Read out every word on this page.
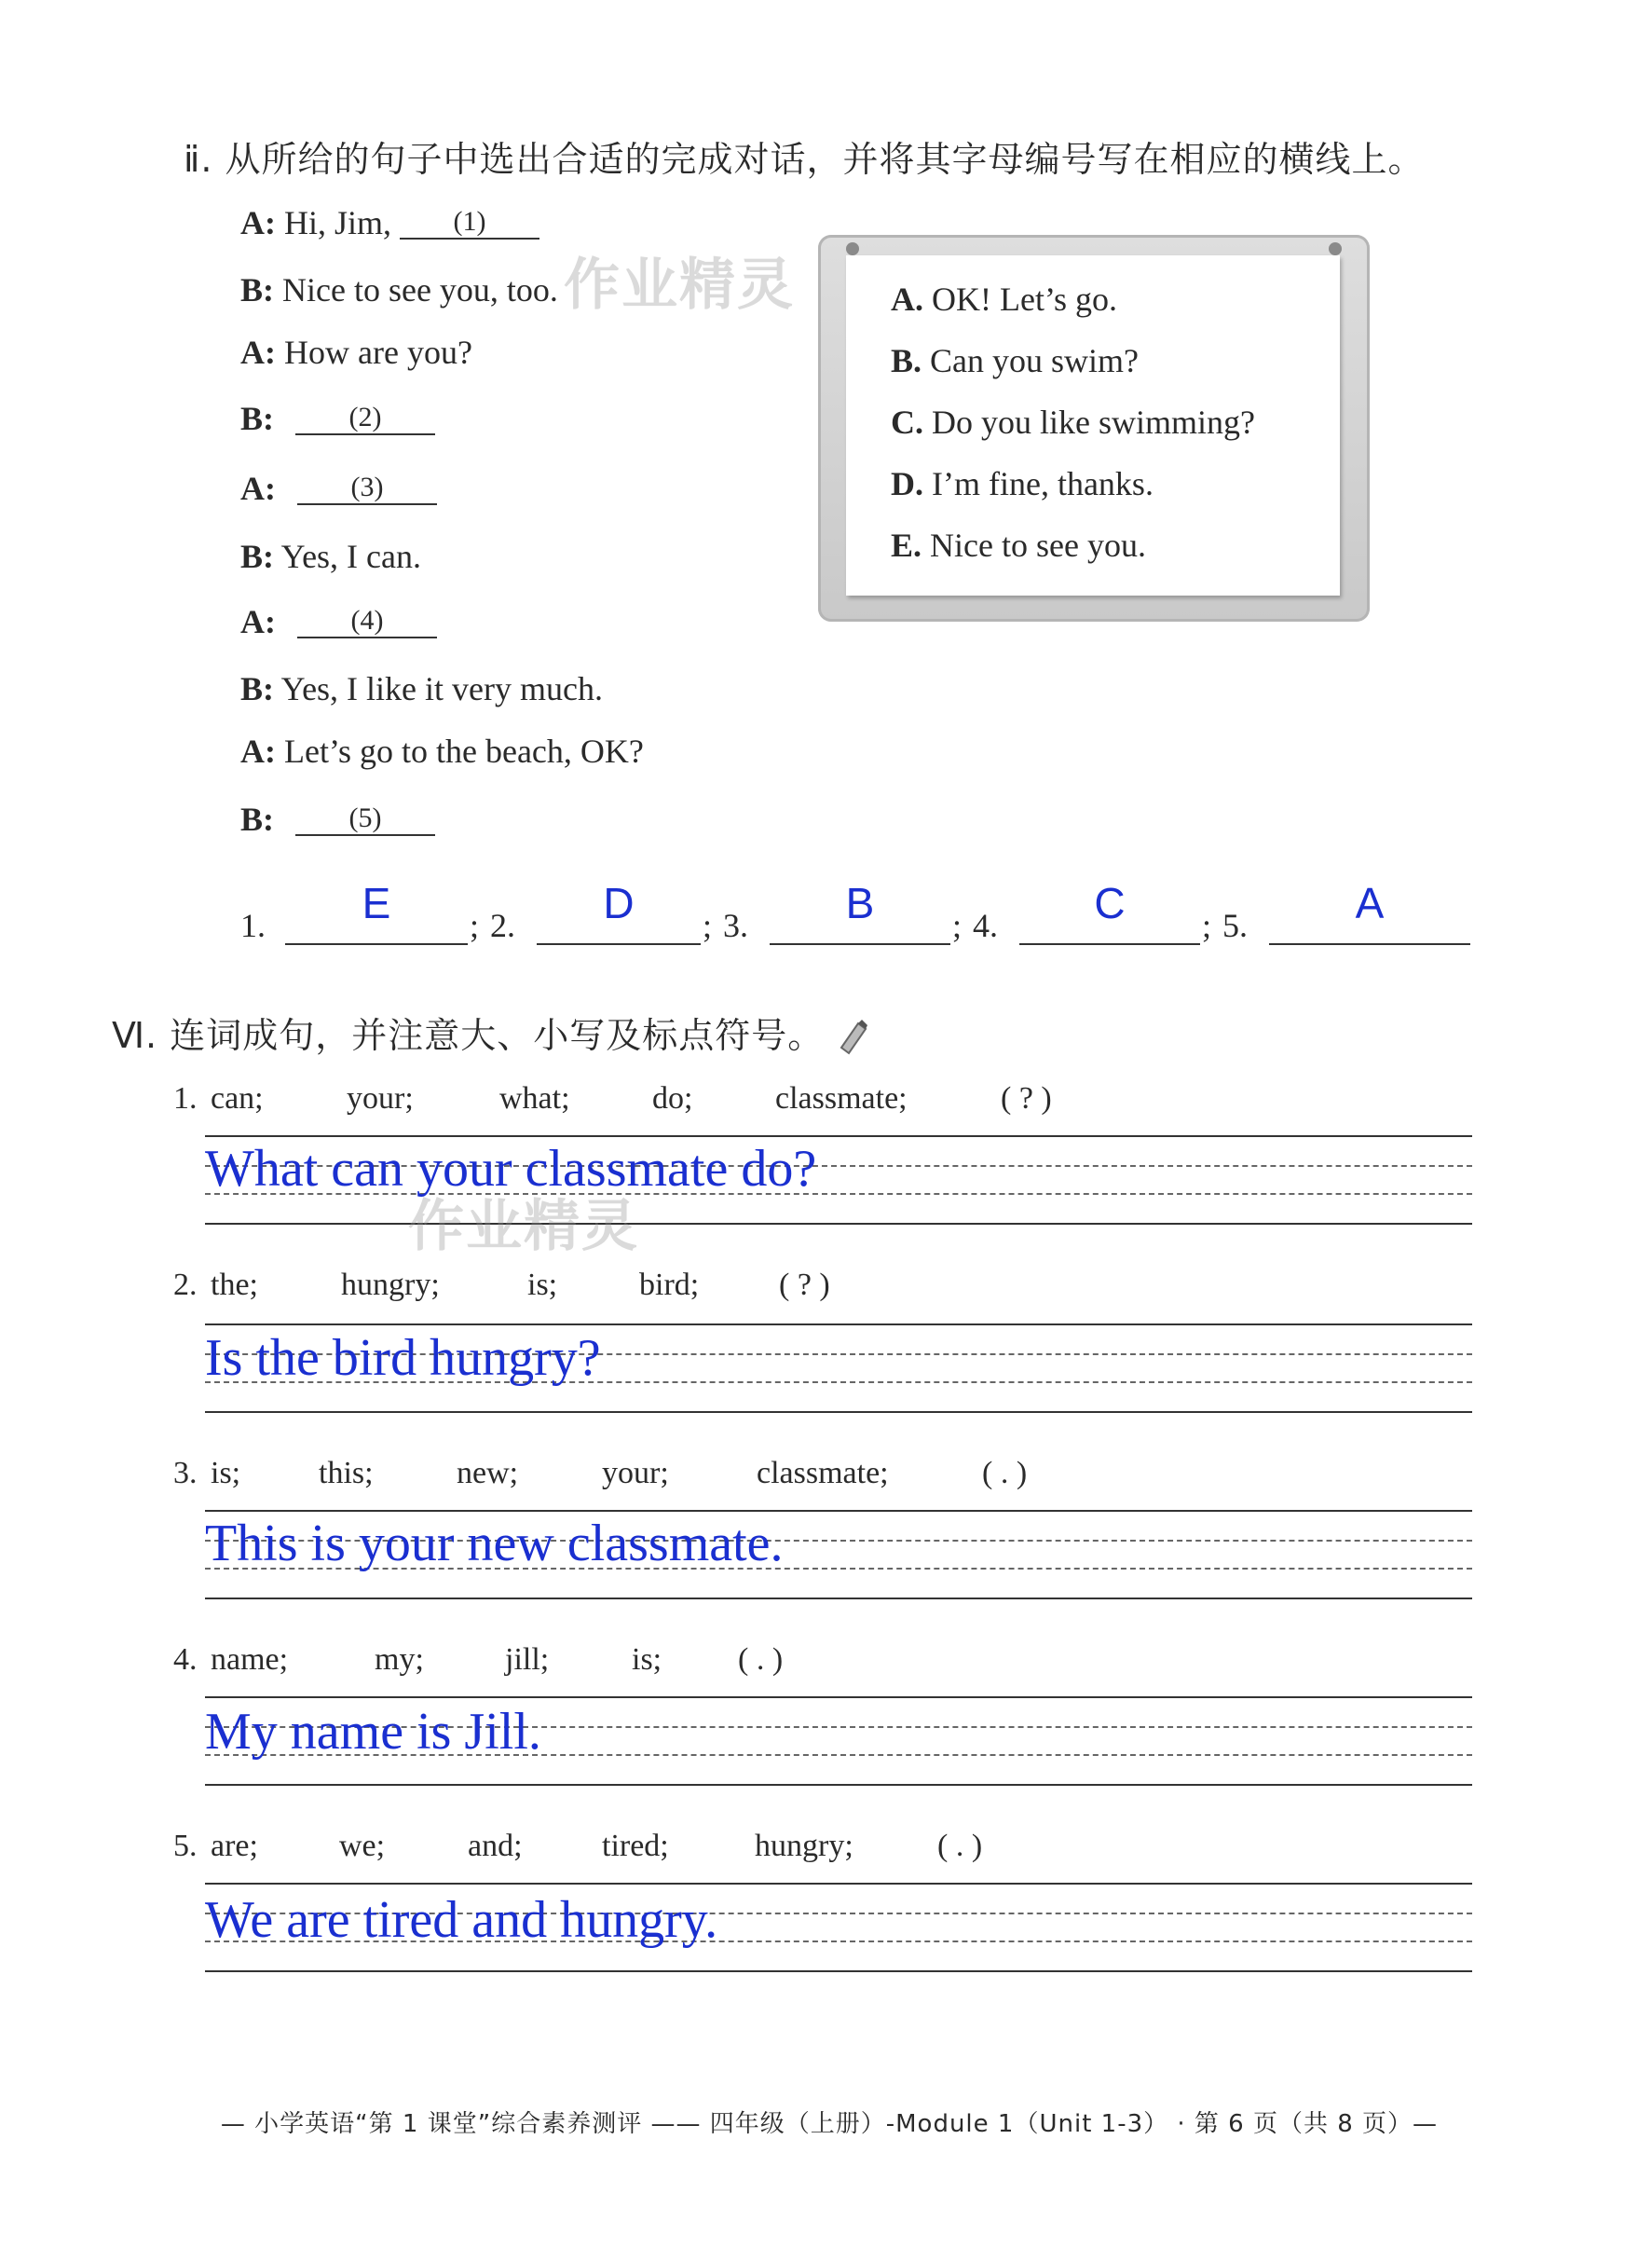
ⅱ. 从所给的句子中选出合适的完成对话，并将其字母编号写在相应的横线上。
A: Hi, Jim, (1)
B: Nice to see you, too.
A: How are you?
B:	(2)
A:	(3)
B: Yes, I can.
A:	(4)
B: Yes, I like it very much.
A: Let’s go to the beach, OK?
B:	(5)
A. OK! Let’s go.
B. Can you swim?
C. Do you like swimming?
D. I’m fine, thanks.
E. Nice to see you.
作业精灵
1.	E	; 2.	D	; 3.	B	; 4.	C	; 5.	A
Ⅵ. 连词成句，并注意大、小写及标点符号。
1. can;	your;	what;	do;	classmate;	( ? )
What can your classmate do?
作业精灵
2. the;	hungry;	is;	bird;	( ? )
Is the bird hungry?
3. is; this;	new;	your;	classmate;	( . )
This is your new classmate.
4. name;	my;	jill;	is; ( . )
My name is Jill.
5. are;	we;	and;	tired;	hungry;	( . )
We are tired and hungry.
— 小学英语“第 1 课堂”综合素养测评 —— 四年级（上册）-Module 1（Unit 1-3） · 第 6 页（共 8 页）—
